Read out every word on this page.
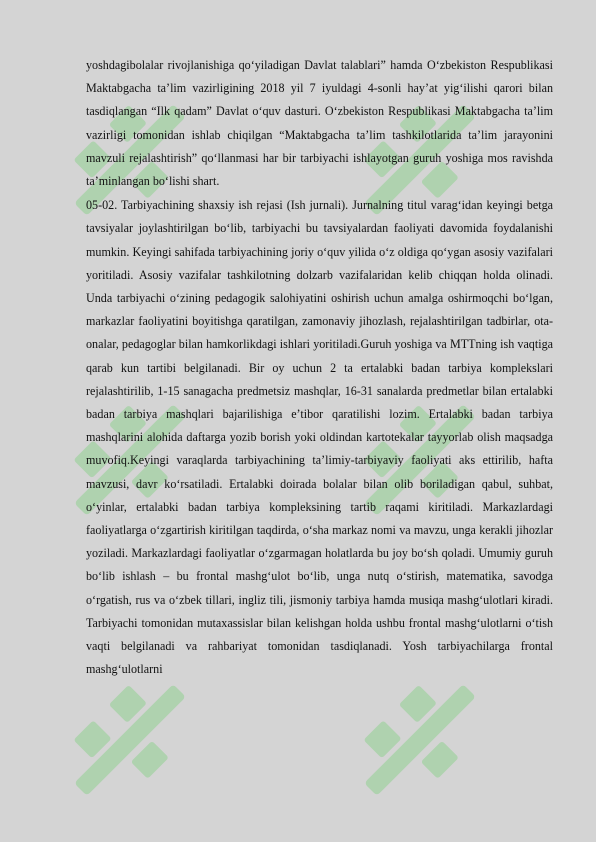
yoshdagibolalar rivojlanishiga qo‘yiladigan Davlat talablari” hamda O‘zbekiston Respublikasi Maktabgacha ta’lim vazirligining 2018 yil 7 iyuldagi 4-sonli hay’at yig‘ilishi qarori bilan tasdiqlangan “Ilk qadam” Davlat o‘quv dasturi. O‘zbekiston Respublikasi Maktabgacha ta’lim vazirligi tomonidan ishlab chiqilgan “Maktabgacha ta’lim tashkilotlarida ta’lim jarayonini mavzuli rejalashtirish” qo‘llanmasi har bir tarbiyachi ishlayotgan guruh yoshiga mos ravishda ta’minlangan bo‘lishi shart.

05-02. Tarbiyachining shaxsiy ish rejasi (Ish jurnali). Jurnalning titul varag‘idan keyingi betga tavsiyalar joylashtirilgan bo‘lib, tarbiyachi bu tavsiyalardan faoliyati davomida foydalanishi mumkin. Keyingi sahifada tarbiyachining joriy o‘quv yilida o‘z oldiga qo‘ygan asosiy vazifalari yoritiladi. Asosiy vazifalar tashkilotning dolzarb vazifalaridan kelib chiqqan holda olinadi. Unda tarbiyachi o‘zining pedagogik salohiyatini oshirish uchun amalga oshirmoqchi bo‘lgan, markazlar faoliyatini boyitishga qaratilgan, zamonaviy jihozlash, rejalashtirilgan tadbirlar, ota-onalar, pedagoglar bilan hamkorlikdagi ishlari yoritiladi.Guruh yoshiga va MTTning ish vaqtiga qarab kun tartibi belgilanadi. Bir oy uchun 2 ta ertalabki badan tarbiya komplekslari rejalashtirilib, 1-15 sanagacha predmetsiz mashqlar, 16-31 sanalarda predmetlar bilan ertalabki badan tarbiya mashqlari bajarilishiga e’tibor qaratilishi lozim. Ertalabki badan tarbiya mashqlarini alohida daftarga yozib borish yoki oldindan kartotekalar tayyorlab olish maqsadga muvofiq.Keyingi varaqlarda tarbiyachining ta’limiy-tarbiyaviy faoliyati aks ettirilib, hafta mavzusi, davr ko‘rsatiladi. Ertalabki doirada bolalar bilan olib boriladigan qabul, suhbat, o‘yinlar, ertalabki badan tarbiya kompleksining tartib raqami kiritiladi. Markazlardagi faoliyatlarga o‘zgartirish kiritilgan taqdirda, o‘sha markaz nomi va mavzu, unga kerakli jihozlar yoziladi. Markazlardagi faoliyatlar o‘zgarmagan holatlarda bu joy bo‘sh qoladi. Umumiy guruh bo‘lib ishlash – bu frontal mashg‘ulot bo‘lib, unga nutq o‘stirish, matematika, savodga o‘rgatish, rus va o‘zbek tillari, ingliz tili, jismoniy tarbiya hamda musiqa mashg‘ulotlari kiradi. Tarbiyachi tomonidan mutaxassislar bilan kelishgan holda ushbu frontal mashg‘ulotlarni o‘tish vaqti belgilanadi va rahbariyat tomonidan tasdiqlanadi. Yosh tarbiyachilarga frontal mashg‘ulotlarni
